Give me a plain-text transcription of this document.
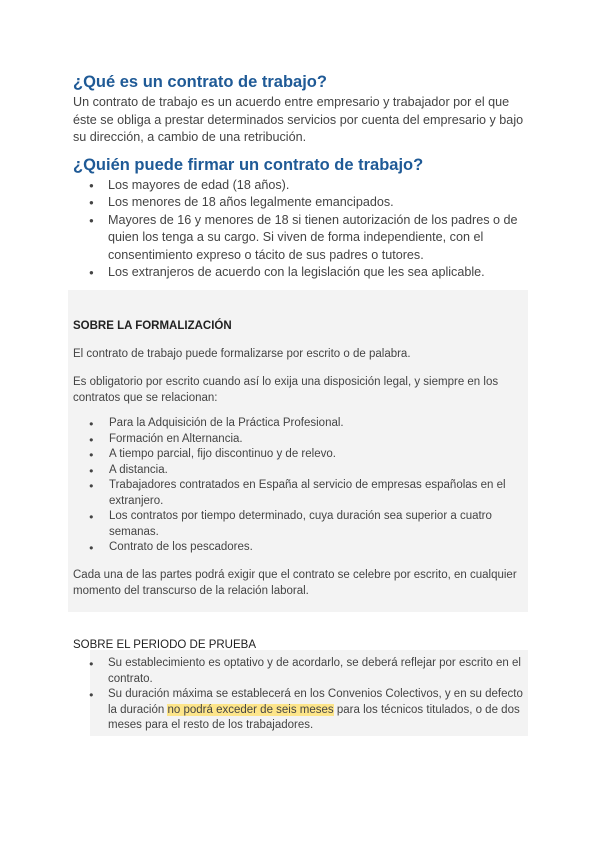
¿Qué es un contrato de trabajo?

Un contrato de trabajo es un acuerdo entre empresario y trabajador por el que éste se obliga a prestar determinados servicios por cuenta del empresario y bajo su dirección, a cambio de una retribución.

¿Quién puede firmar un contrato de trabajo?
● Los mayores de edad (18 años).
● Los menores de 18 años legalmente emancipados.
● Mayores de 16 y menores de 18 si tienen autorización de los padres o de quien los tenga a su cargo. Si viven de forma independiente, con el consentimiento expreso o tácito de sus padres o tutores.
● Los extranjeros de acuerdo con la legislación que les sea aplicable.

SOBRE LA FORMALIZACIÓN

El contrato de trabajo puede formalizarse por escrito o de palabra.

Es obligatorio por escrito cuando así lo exija una disposición legal, y siempre en los contratos que se relacionan:

● Para la Adquisición de la Práctica Profesional.
● Formación en Alternancia.
● A tiempo parcial, fijo discontinuo y de relevo.
● A distancia.
● Trabajadores contratados en España al servicio de empresas españolas en el extranjero.
● Los contratos por tiempo determinado, cuya duración sea superior a cuatro semanas.
● Contrato de los pescadores.

Cada una de las partes podrá exigir que el contrato se celebre por escrito, en cualquier momento del transcurso de la relación laboral.

SOBRE EL PERIODO DE PRUEBA

● Su establecimiento es optativo y de acordarlo, se deberá reflejar por escrito en el contrato.
● Su duración máxima se establecerá en los Convenios Colectivos, y en su defecto la duración no podrá exceder de seis meses para los técnicos titulados, o de dos meses para el resto de los trabajadores.
